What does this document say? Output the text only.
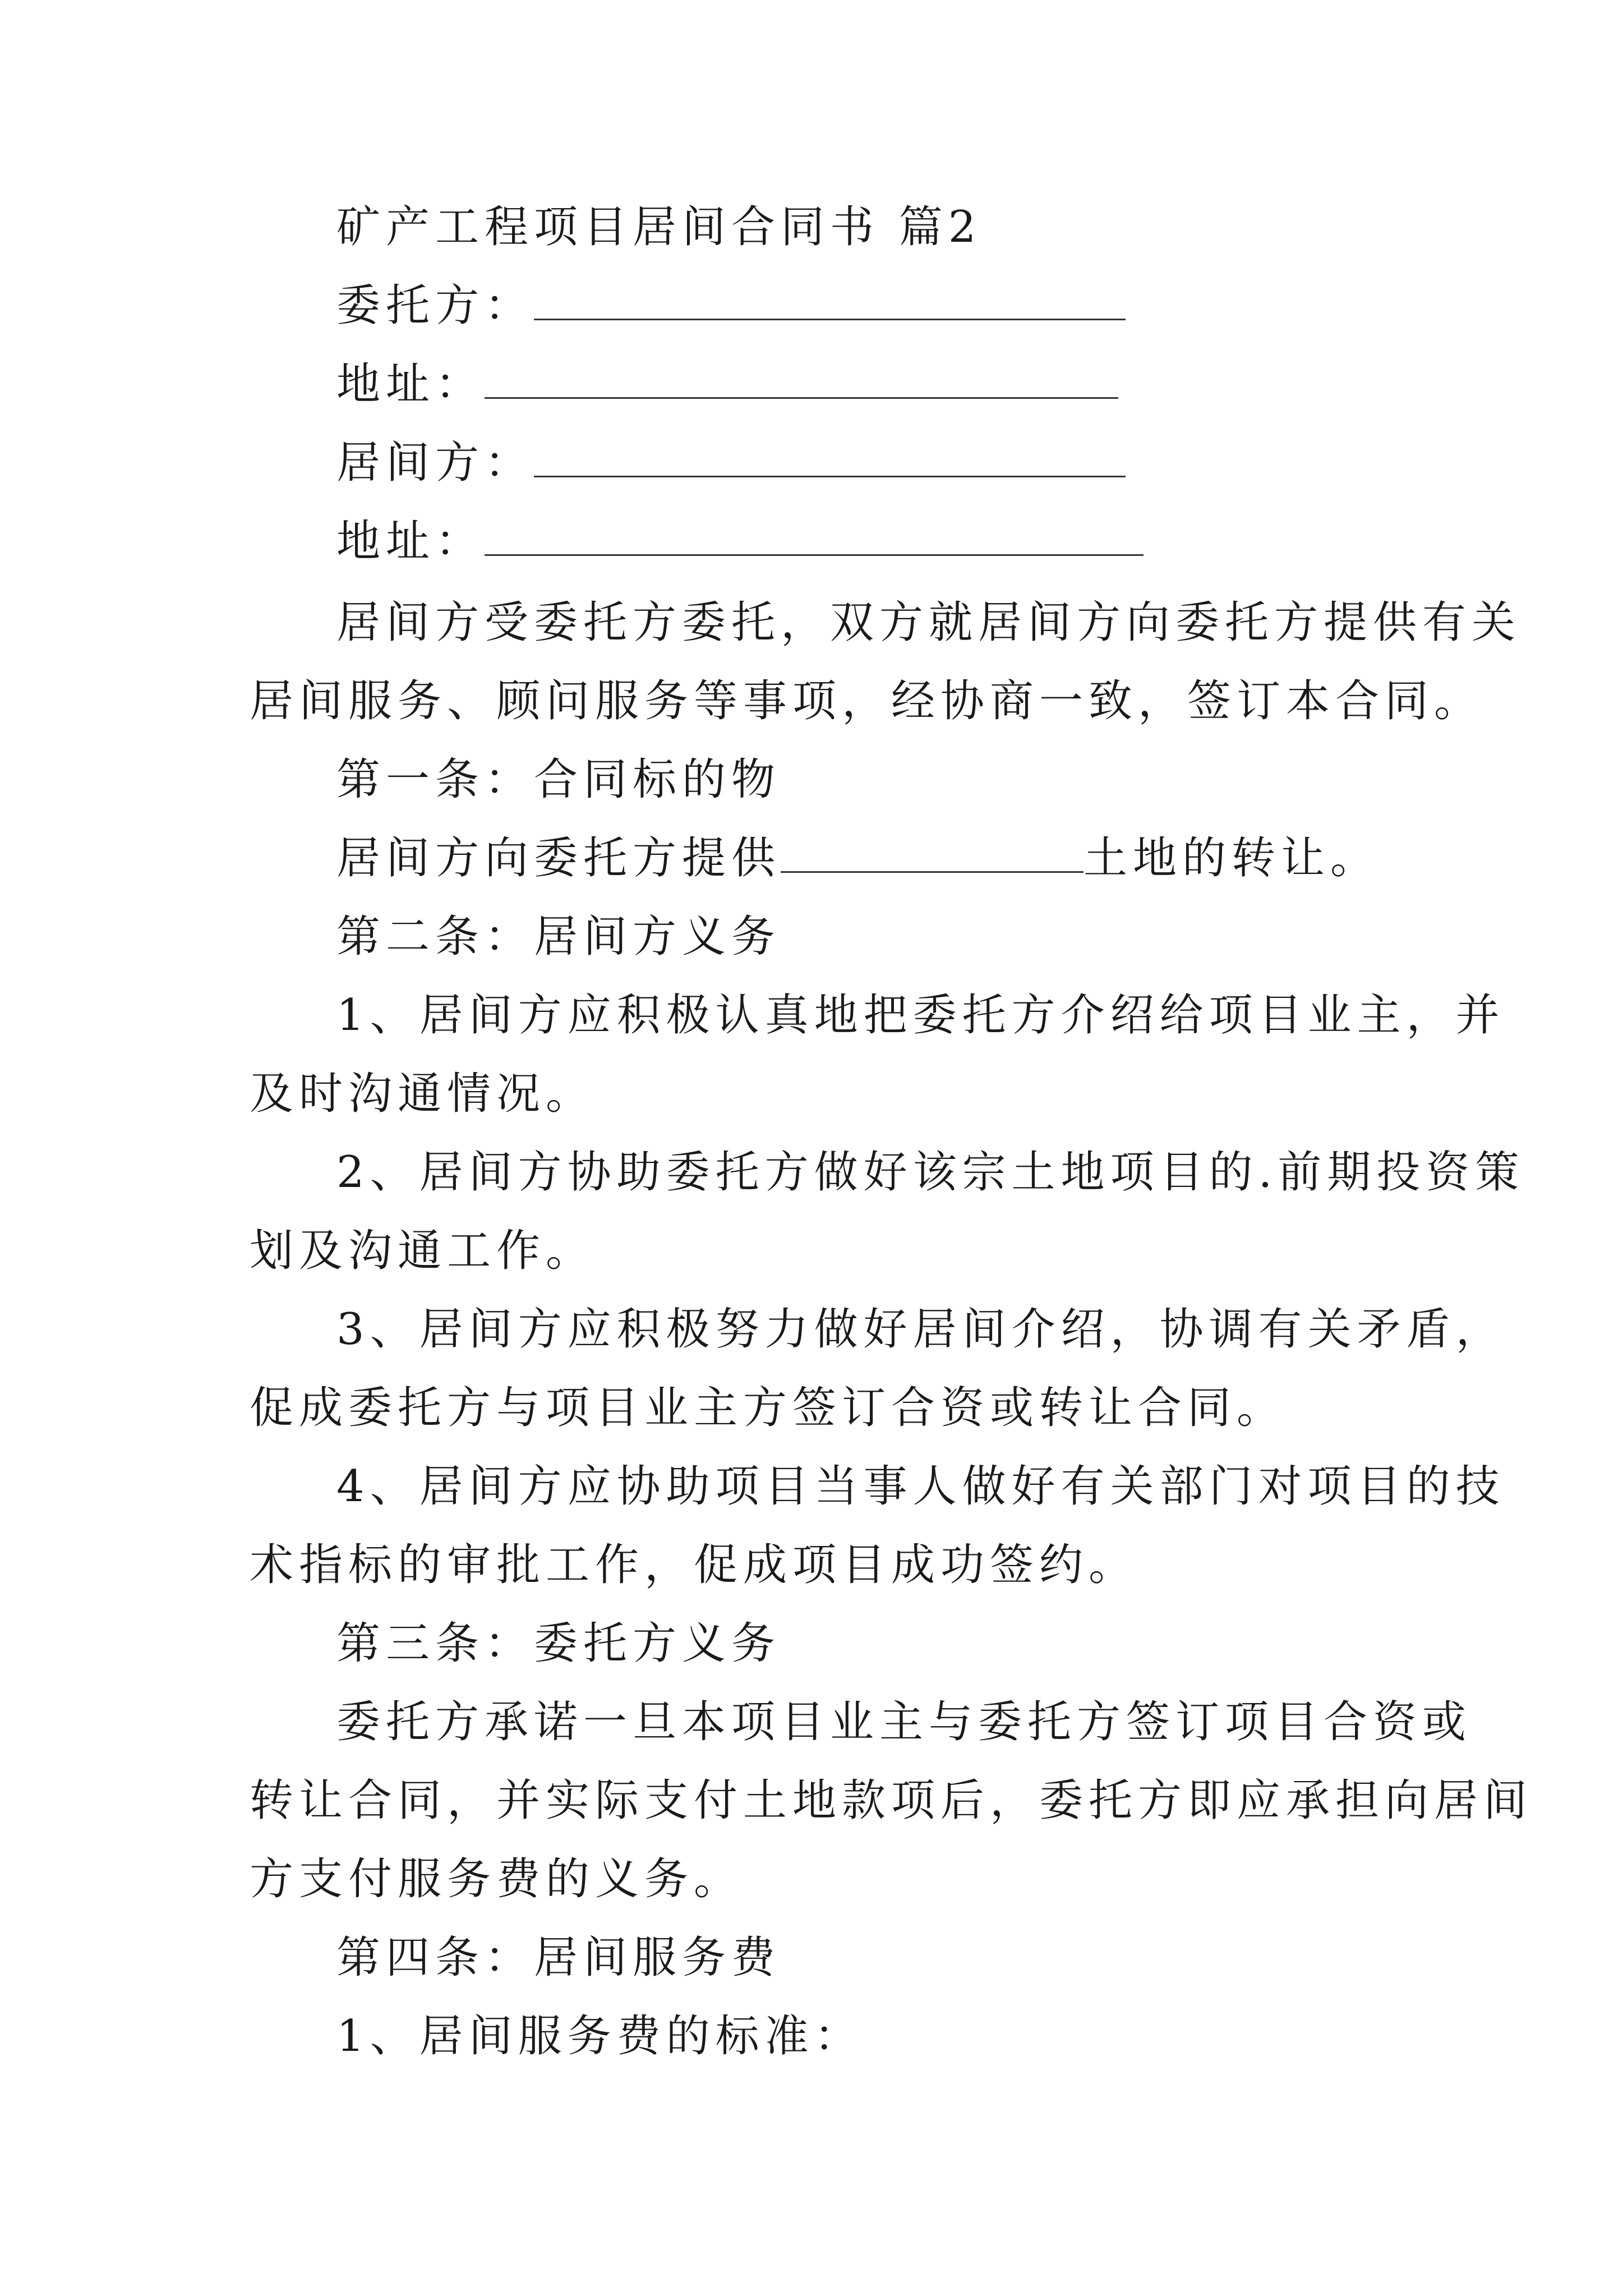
矿产工程项目居间合同书 篇2
委托方：
地址：
居间方：
地址：
居间方受委托方委托，双方就居间方向委托方提供有关
居间服务、顾问服务等事项，经协商一致，签订本合同。
第一条：合同标的物
居间方向委托方提供	土地的转让。
第二条：居间方义务
1、居间方应积极认真地把委托方介绍给项目业主，并
及时沟通情况。
2、居间方协助委托方做好该宗土地项目的.前期投资策
划及沟通工作。
3、居间方应积极努力做好居间介绍，协调有关矛盾，
促成委托方与项目业主方签订合资或转让合同。
4、居间方应协助项目当事人做好有关部门对项目的技
术指标的审批工作，促成项目成功签约。
第三条：委托方义务
委托方承诺一旦本项目业主与委托方签订项目合资或
转让合同，并实际支付土地款项后，委托方即应承担向居间
方支付服务费的义务。
第四条：居间服务费
1、居间服务费的标准：
